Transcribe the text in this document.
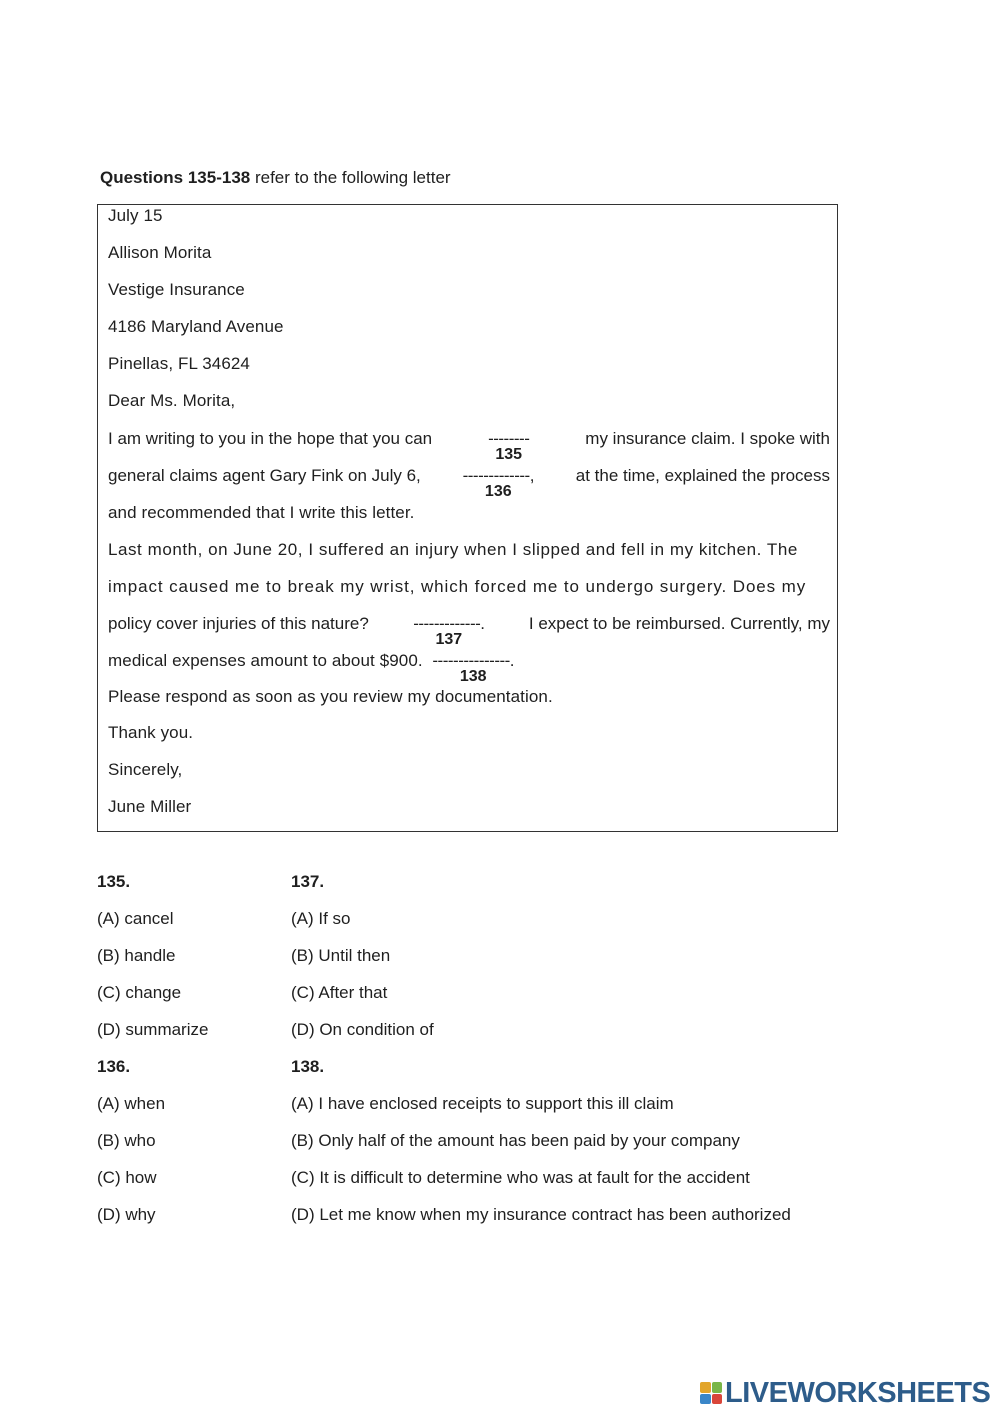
Questions 135-138 refer to the following letter

July 15
Allison Morita
Vestige Insurance
4186 Maryland Avenue
Pinellas, FL 34624
Dear Ms. Morita,
I am writing to you in the hope that you can	--------
135
my insurance claim. I spoke with
general claims agent Gary Fink on July 6, -------------,
136
at the time, explained the process
and recommended that I write this letter.
Last month, on June 20, I suffered an injury when I slipped and fell in my kitchen. The
impact caused me to break my wrist, which forced me to undergo surgery. Does my
policy cover injuries of this nature?	-------------.
137
I expect to be reimbursed. Currently, my
medical expenses amount to about $900. ---------------.
138
Please respond as soon as you review my documentation.
Thank you.
Sincerely,
June Miller
135.
(A) cancel
(B) handle
(C) change
(D) summarize
136.
(A) when
(B) who
(C) how
(D) why
137.
(A) If so
(B) Until then
(C) After that
(D) On condition of
138.
(A) I have enclosed receipts to support this ill claim
(B) Only half of the amount has been paid by your company
(C) It is difficult to determine who was at fault for the accident
(D) Let me know when my insurance contract has been authorized
LIVEWORKSHEETS
